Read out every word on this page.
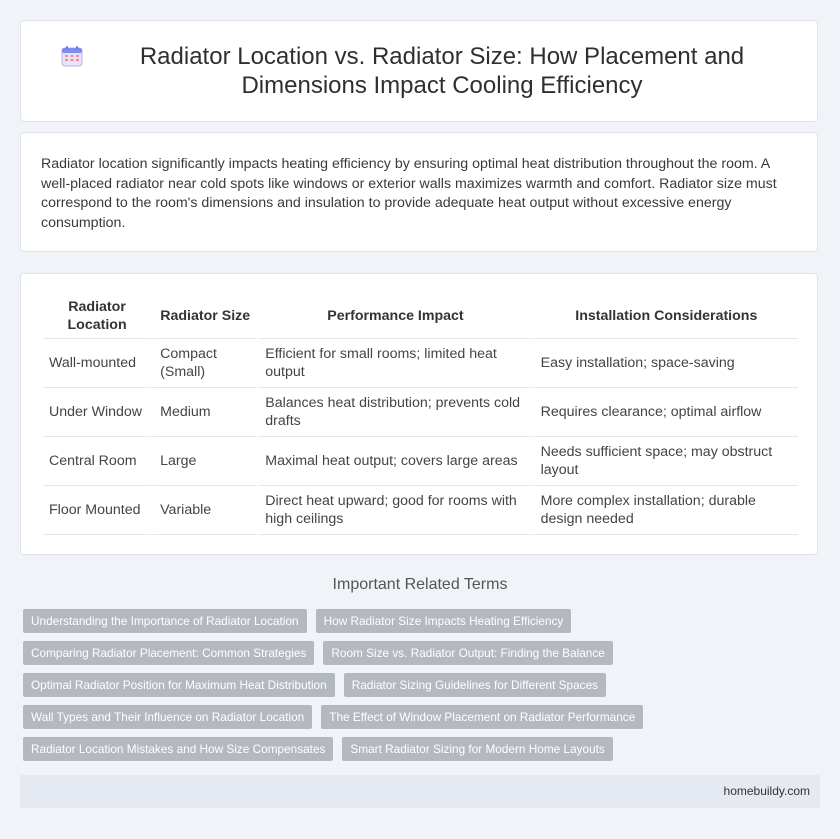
Radiator Location vs. Radiator Size: How Placement and Dimensions Impact Cooling Efficiency

Radiator location significantly impacts heating efficiency by ensuring optimal heat distribution throughout the room. A well-placed radiator near cold spots like windows or exterior walls maximizes warmth and comfort. Radiator size must correspond to the room's dimensions and insulation to provide adequate heat output without excessive energy consumption.

Radiator Location	Radiator Size	Performance Impact	Installation Considerations
Wall-mounted	Compact (Small)	Efficient for small rooms; limited heat output	Easy installation; space-saving
Under Window	Medium	Balances heat distribution; prevents cold drafts	Requires clearance; optimal airflow
Central Room	Large	Maximal heat output; covers large areas	Needs sufficient space; may obstruct layout
Floor Mounted	Variable	Direct heat upward; good for rooms with high ceilings	More complex installation; durable design needed
Important Related Terms
Understanding the Importance of Radiator Location	How Radiator Size Impacts Heating Efficiency
Comparing Radiator Placement: Common Strategies	Room Size vs. Radiator Output: Finding the Balance
Optimal Radiator Position for Maximum Heat Distribution	Radiator Sizing Guidelines for Different Spaces
Wall Types and Their Influence on Radiator Location	The Effect of Window Placement on Radiator Performance
Radiator Location Mistakes and How Size Compensates	Smart Radiator Sizing for Modern Home Layouts
homebuildy.com
